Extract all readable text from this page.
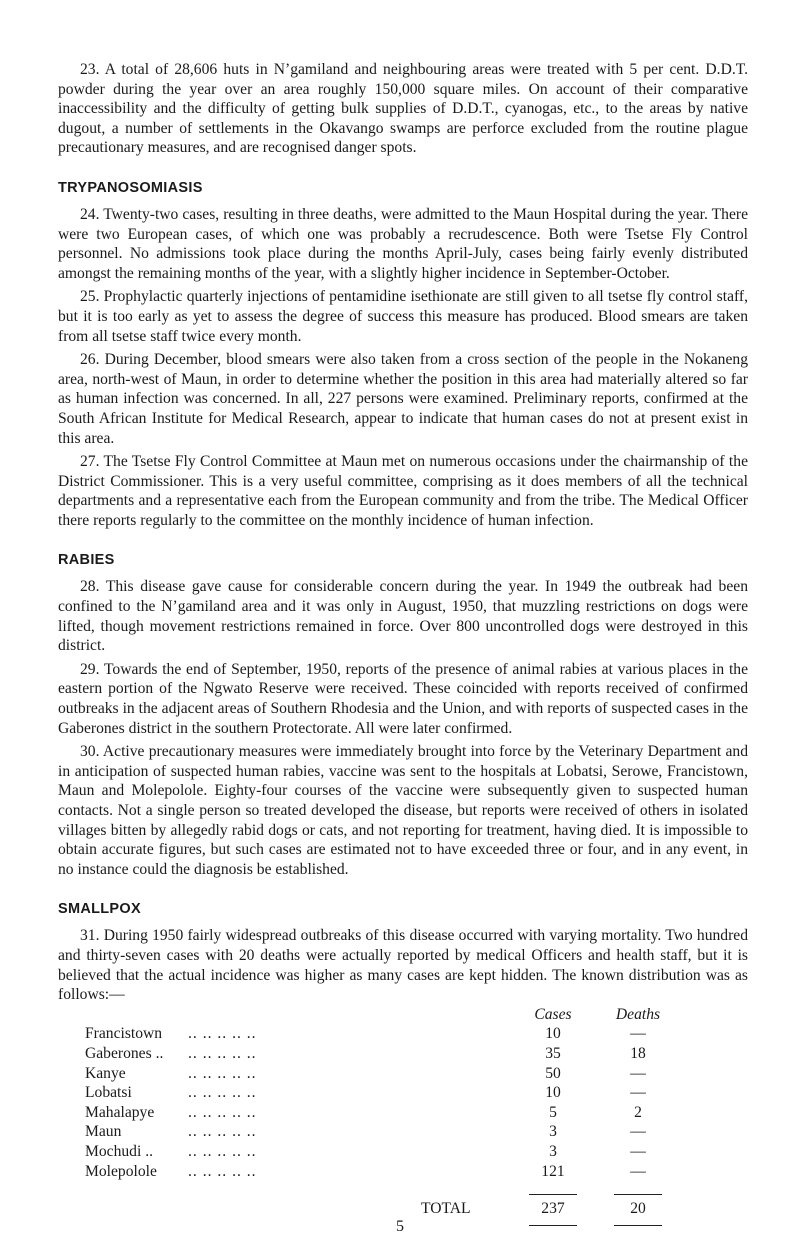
23. A total of 28,606 huts in N’gamiland and neighbouring areas were treated with 5 per cent. D.D.T. powder during the year over an area roughly 150,000 square miles. On account of their comparative inaccessibility and the difficulty of getting bulk supplies of D.D.T., cyanogas, etc., to the areas by native dugout, a number of settlements in the Okavango swamps are perforce excluded from the routine plague precautionary measures, and are recognised danger spots.

TRYPANOSOMIASIS

24. Twenty-two cases, resulting in three deaths, were admitted to the Maun Hospital during the year. There were two European cases, of which one was probably a recrudescence. Both were Tsetse Fly Control personnel. No admissions took place during the months April-July, cases being fairly evenly distributed amongst the remaining months of the year, with a slightly higher incidence in September-October.

25. Prophylactic quarterly injections of pentamidine isethionate are still given to all tsetse fly control staff, but it is too early as yet to assess the degree of success this measure has produced. Blood smears are taken from all tsetse staff twice every month.

26. During December, blood smears were also taken from a cross section of the people in the Nokaneng area, north-west of Maun, in order to determine whether the position in this area had materially altered so far as human infection was concerned. In all, 227 persons were examined. Preliminary reports, confirmed at the South African Institute for Medical Research, appear to indicate that human cases do not at present exist in this area.

27. The Tsetse Fly Control Committee at Maun met on numerous occasions under the chairmanship of the District Commissioner. This is a very useful committee, comprising as it does members of all the technical departments and a representative each from the European community and from the tribe. The Medical Officer there reports regularly to the committee on the monthly incidence of human infection.

RABIES

28. This disease gave cause for considerable concern during the year. In 1949 the outbreak had been confined to the N’gamiland area and it was only in August, 1950, that muzzling restrictions on dogs were lifted, though movement restrictions remained in force. Over 800 uncontrolled dogs were destroyed in this district.

29. Towards the end of September, 1950, reports of the presence of animal rabies at various places in the eastern portion of the Ngwato Reserve were received. These coincided with reports received of confirmed outbreaks in the adjacent areas of Southern Rhodesia and the Union, and with reports of suspected cases in the Gaberones district in the southern Protectorate. All were later confirmed.

30. Active precautionary measures were immediately brought into force by the Veterinary Department and in anticipation of suspected human rabies, vaccine was sent to the hospitals at Lobatsi, Serowe, Francistown, Maun and Molepolole. Eighty-four courses of the vaccine were subsequently given to suspected human contacts. Not a single person so treated developed the disease, but reports were received of others in isolated villages bitten by allegedly rabid dogs or cats, and not reporting for treatment, having died. It is impossible to obtain accurate figures, but such cases are estimated not to have exceeded three or four, and in any event, in no instance could the diagnosis be established.

SMALLPOX

31. During 1950 fairly widespread outbreaks of this disease occurred with varying mortality. Two hundred and thirty-seven cases with 20 deaths were actually reported by medical Officers and health staff, but it is believed that the actual incidence was higher as many cases are kept hidden. The known distribution was as follows:—

Cases	Deaths
Francistown .. .. .. .. ..	10	—
Gaberones .. .. .. .. .. ..	35	18
Kanye	.. .. .. .. ..	50	—
Lobatsi	.. .. .. .. ..	10	—
Mahalapye .. .. .. .. ..	5	2
Maun	.. .. .. .. ..	3	—
Mochudi .. .. .. .. .. ..	3	—
Molepolole .. .. .. .. ..	121	—
TOTAL	237	20
5
